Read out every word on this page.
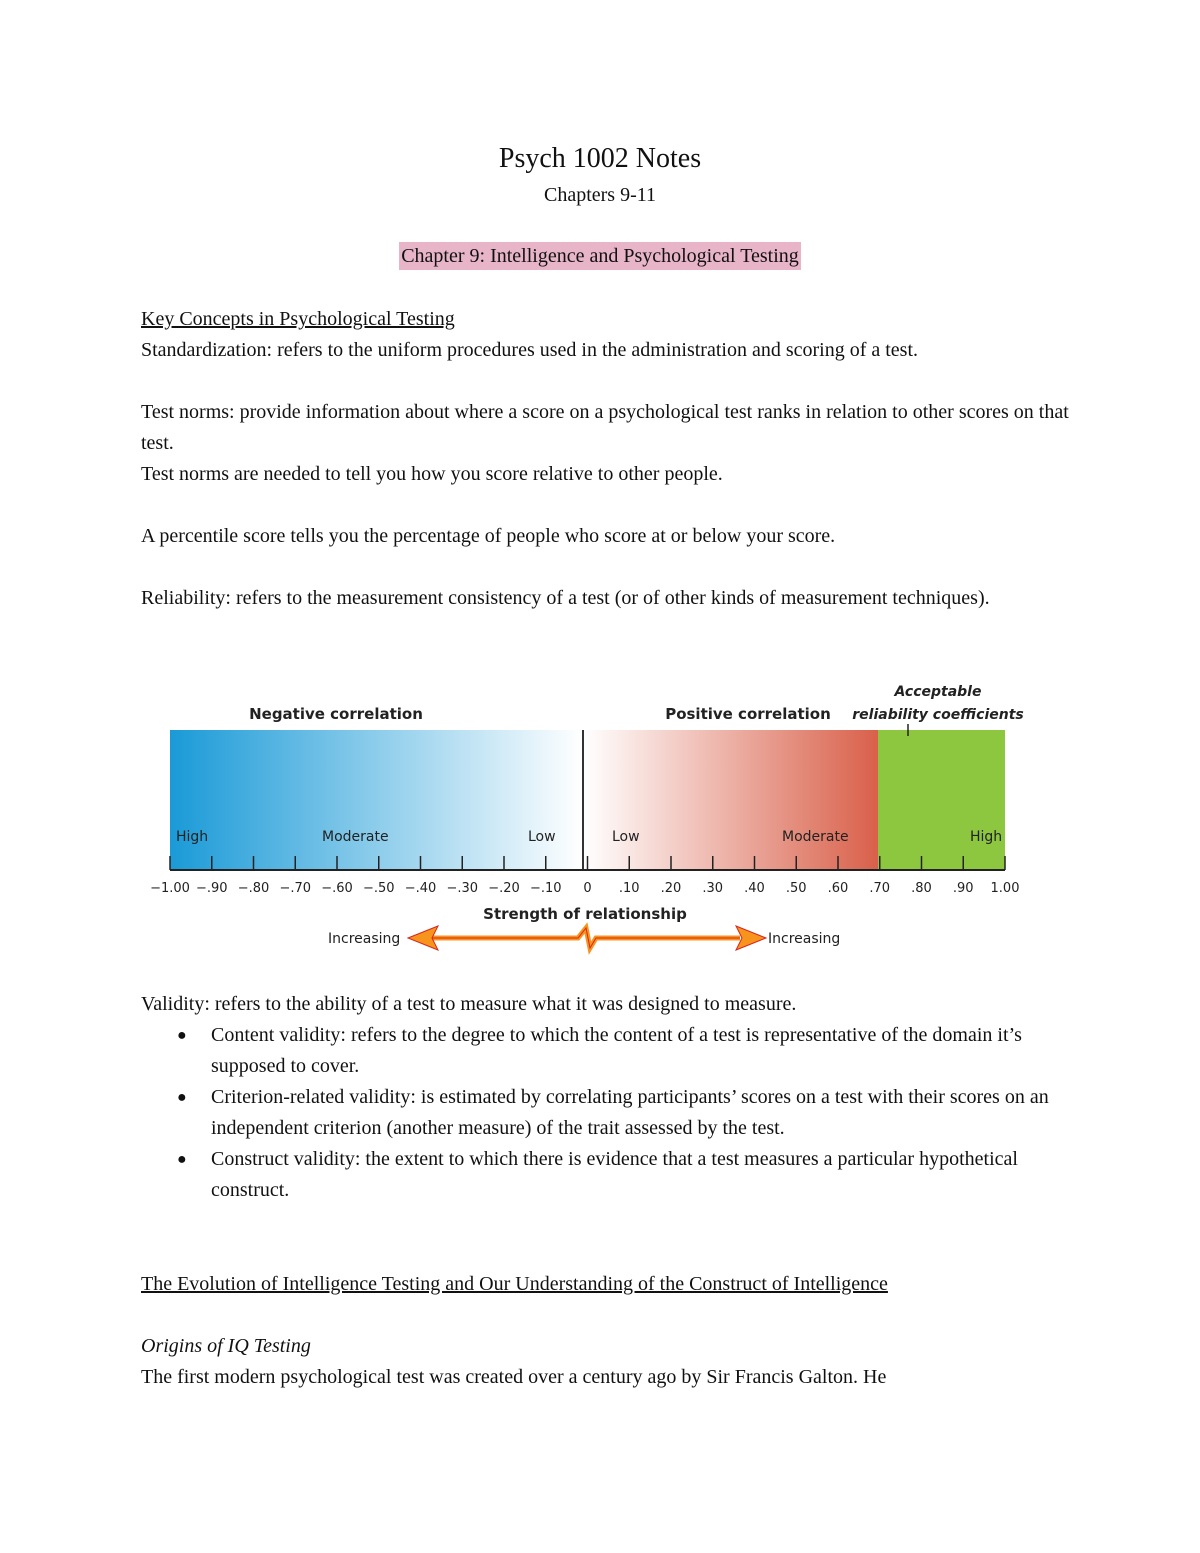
Psych 1002 Notes
Chapters 9-11
Chapter 9: Intelligence and Psychological Testing

Key Concepts in Psychological Testing

Standardization: refers to the uniform procedures used in the administration and scoring of a test.

Test norms: provide information about where a score on a psychological test ranks in relation to other scores on that test.

Test norms are needed to tell you how you score relative to other people.

A percentile score tells you the percentage of people who score at or below your score.

Reliability: refers to the measurement consistency of a test (or of other kinds of measurement techniques).

Negative correlation	Positive correlation
Acceptable
reliability coefficients
High	Moderate	Low	Low	Moderate	High
−1.00 −.90 −.80 −.70 −.60 −.50 −.40 −.30 −.20 −.10 0 .10 .20 .30 .40 .50 .60 .70 .80 .90 1.00
Strength of relationship
Increasing	Increasing

Validity: refers to the ability of a test to measure what it was designed to measure.

● Content validity: refers to the degree to which the content of a test is representative of the domain it’s supposed to cover.
● Criterion-related validity: is estimated by correlating participants’ scores on a test with their scores on an independent criterion (another measure) of the trait assessed by the test.
● Construct validity: the extent to which there is evidence that a test measures a particular hypothetical construct.

The Evolution of Intelligence Testing and Our Understanding of the Construct of Intelligence

Origins of IQ Testing

The first modern psychological test was created over a century ago by Sir Francis Galton. He
